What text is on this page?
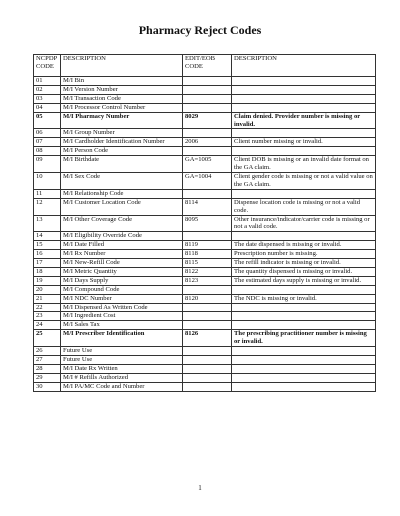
Pharmacy Reject Codes
NCPDP CODE	DESCRIPTION	EDIT/EOB CODE	DESCRIPTION
01	M/I Bin		
02	M/I Version Number		
03	M/I Transaction Code		
04	M/I Processor Control Number		
05	M/I Pharmacy Number	8029	Claim denied. Provider number is missing or invalid.
06	M/I Group Number		
07	M/I Cardholder Identification Number	2006	Client number missing or invalid.
08	M/I Person Code		
09	M/I Birthdate	GA=1005	Client DOB is missing or an invalid date format on the GA claim.
10	M/I Sex Code	GA=1004	Client gender code is missing or not a valid value on the GA claim.
11	M/I Relationship Code		
12	M/I Customer Location Code	8114	Dispense location code is missing or not a valid code.
13	M/I Other Coverage Code	8095	Other insurance/indicator/carrier code is missing or not a valid code.
14	M/I Eligibility Override Code		
15	M/I Date Filled	8119	The date dispensed is missing or invalid.
16	M/I Rx Number	8118	Prescription number is missing.
17	M/I New-Refill Code	8115	The refill indicator is missing or invalid.
18	M/I Metric Quantity	8122	The quantity dispensed is missing or invalid.
19	M/I Days Supply	8123	The estimated days supply is missing or invalid.
20	M/I Compound Code		
21	M/I NDC Number	8120	The NDC is missing or invalid.
22	M/I Dispensed As Written Code		
23	M/I Ingredient Cost		
24	M/I Sales Tax		
25	M/I Prescriber Identification	8126	The prescribing practitioner number is missing or invalid.
26	Future Use		
27	Future Use		
28	M/I Date Rx Written		
29	M/I # Refills Authorized		
30	M/I PA/MC Code and Number		
1
